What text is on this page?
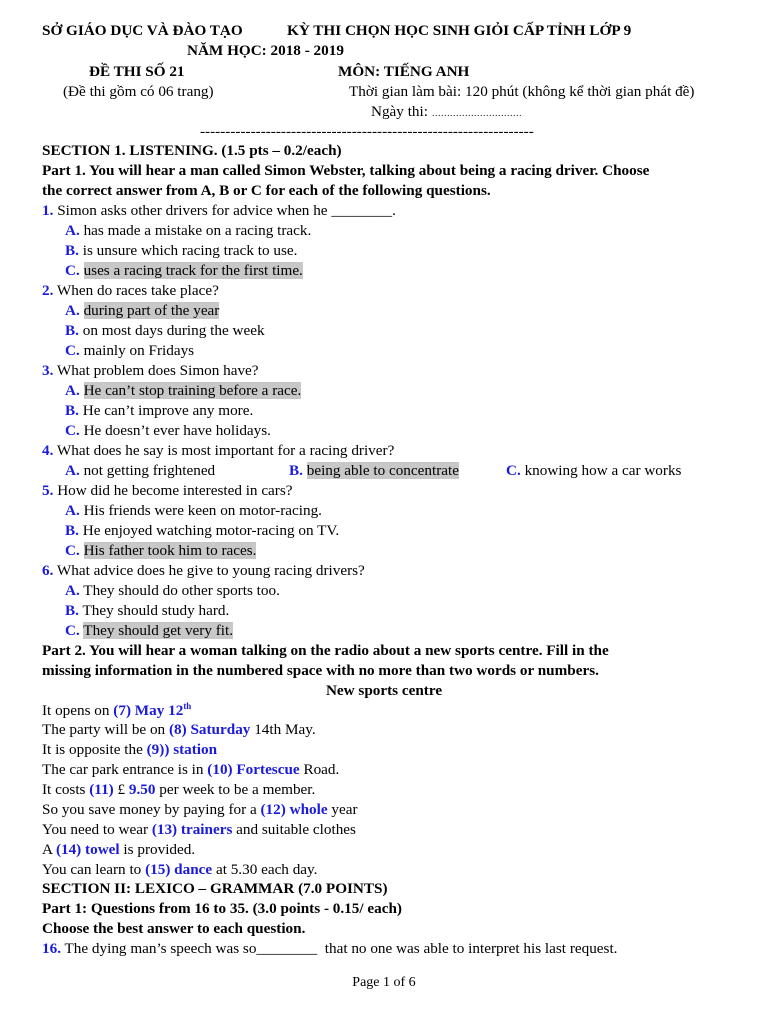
SỞ GIÁO DỤC VÀ ĐÀO TẠO	KỲ THI CHỌN HỌC SINH GIỎI CẤP TỈNH LỚP 9
NĂM HỌC: 2018 - 2019
ĐỀ THI SỐ 21	MÔN: TIẾNG ANH
(Đề thi gồm có 06 trang)	Thời gian làm bài: 120 phút (không kể thời gian phát đề)
Ngày thi: …………………………
------------------------------------------------------------------
SECTION 1. LISTENING. (1.5 pts – 0.2/each)
Part 1. You will hear a man called Simon Webster, talking about being a racing driver. Choose
the correct answer from A, B or C for each of the following questions.
1. Simon asks other drivers for advice when he ________.
A. has made a mistake on a racing track.
B. is unsure which racing track to use.
C. uses a racing track for the first time.
2. When do races take place?
A. during part of the year
B. on most days during the week
C. mainly on Fridays
3. What problem does Simon have?
A. He can’t stop training before a race.
B. He can’t improve any more.
C. He doesn’t ever have holidays.
4. What does he say is most important for a racing driver?
A. not getting frightened	B. being able to concentrate	C. knowing how a car works
5. How did he become interested in cars?
A. His friends were keen on motor-racing.
B. He enjoyed watching motor-racing on TV.
C. His father took him to races.
6. What advice does he give to young racing drivers?
A. They should do other sports too.
B. They should study hard.
C. They should get very fit.
Part 2. You will hear a woman talking on the radio about a new sports centre. Fill in the
missing information in the numbered space with no more than two words or numbers.
New sports centre
It opens on (7) May 12th
The party will be on (8) Saturday 14th May.
It is opposite the (9)) station
The car park entrance is in (10) Fortescue Road.
It costs (11) £ 9.50 per week to be a member.
So you save money by paying for a (12) whole year
You need to wear (13) trainers and suitable clothes
A (14) towel is provided.
You can learn to (15) dance at 5.30 each day.
SECTION II: LEXICO – GRAMMAR (7.0 POINTS)
Part 1: Questions from 16 to 35. (3.0 points - 0.15/ each)
Choose the best answer to each question.
16. The dying man’s speech was so________  that no one was able to interpret his last request.
Page 1 of 6
